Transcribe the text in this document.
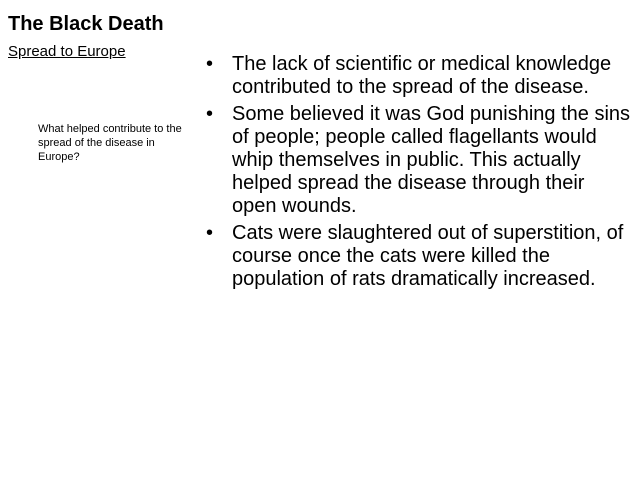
The Black Death
Spread to Europe
What helped contribute to the spread of the disease in Europe?
• The lack of scientific or medical knowledge contributed to the spread of the disease.
• Some believed it was God punishing the sins of people; people called flagellants would whip themselves in public. This actually helped spread the disease through their open wounds.
• Cats were slaughtered out of superstition, of course once the cats were killed the population of rats dramatically increased.
